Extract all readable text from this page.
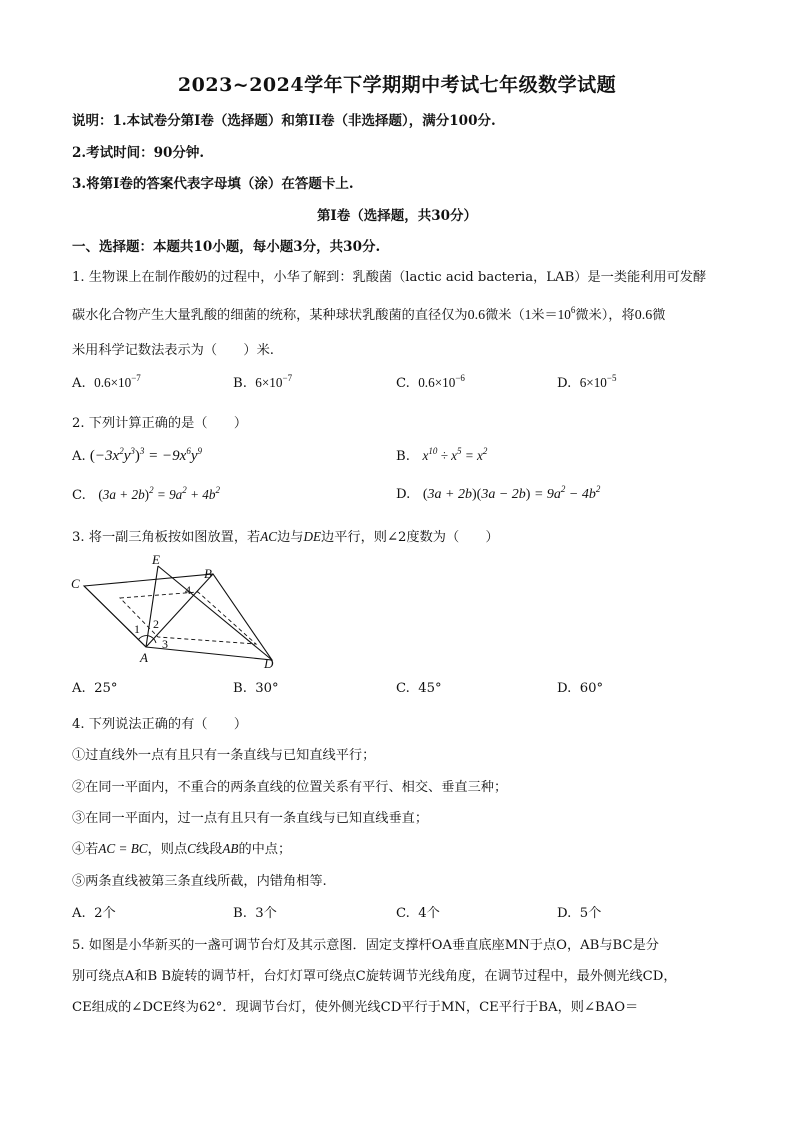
2023~2024学年下学期期中考试七年级数学试题
说明：1.本试卷分第I卷（选择题）和第II卷（非选择题），满分100分.
2.考试时间：90分钟.
3.将第I卷的答案代表字母填（涂）在答题卡上.
第I卷（选择题，共30分）
一、选择题：本题共10小题，每小题3分，共30分.
1. 生物课上在制作酸奶的过程中，小华了解到：乳酸菌（lactic acid bacteria，LAB）是一类能利用可发酵
碳水化合物产生大量乳酸的细菌的统称，某种球状乳酸菌的直径仅为0.6微米（1米$=10^6$微米），将0.6微
米用科学记数法表示为（　　）米.
A. $0.6\times 10^{-7}$	B. $6\times 10^{-7}$	C. $0.6\times 10^{-6}$	D. $6\times 10^{-5}$
2. 下列计算正确的是（　　）
A. $(-3x^2y^3)^3 = -9x^6y^9$	B. $x^{10} \div x^5 = x^2$
C. $(3a + 2b)^2 = 9a^2 + 4b^2$	D. $(3a + 2b)(3a - 2b) = 9a^2 - 4b^2$
3. 将一副三角板按如图放置，若AC边与DE边平行，则∠2度数为（　　）
C
E
B
A	D
1 2
3
4
A. 25°	B. 30°	C. 45°	D. 60°
4. 下列说法正确的有（　　）
①过直线外一点有且只有一条直线与已知直线平行；
②在同一平面内，不重合的两条直线的位置关系有平行、相交、垂直三种；
③在同一平面内，过一点有且只有一条直线与已知直线垂直；
④若AC = BC，则点C线段AB的中点；
⑤两条直线被第三条直线所截，内错角相等.
A. 2个	B. 3个	C. 4个	D. 5个
5. 如图是小华新买的一盏可调节台灯及其示意图．固定支撑杆OA垂直底座MN于点O，AB与BC是分
别可绕点A和B B旋转的调节杆，台灯灯罩可绕点C旋转调节光线角度，在调节过程中，最外侧光线CD，
CE组成的∠DCE终为62°．现调节台灯，使外侧光线CD平行于MN，CE平行于BA，则∠BAO＝
